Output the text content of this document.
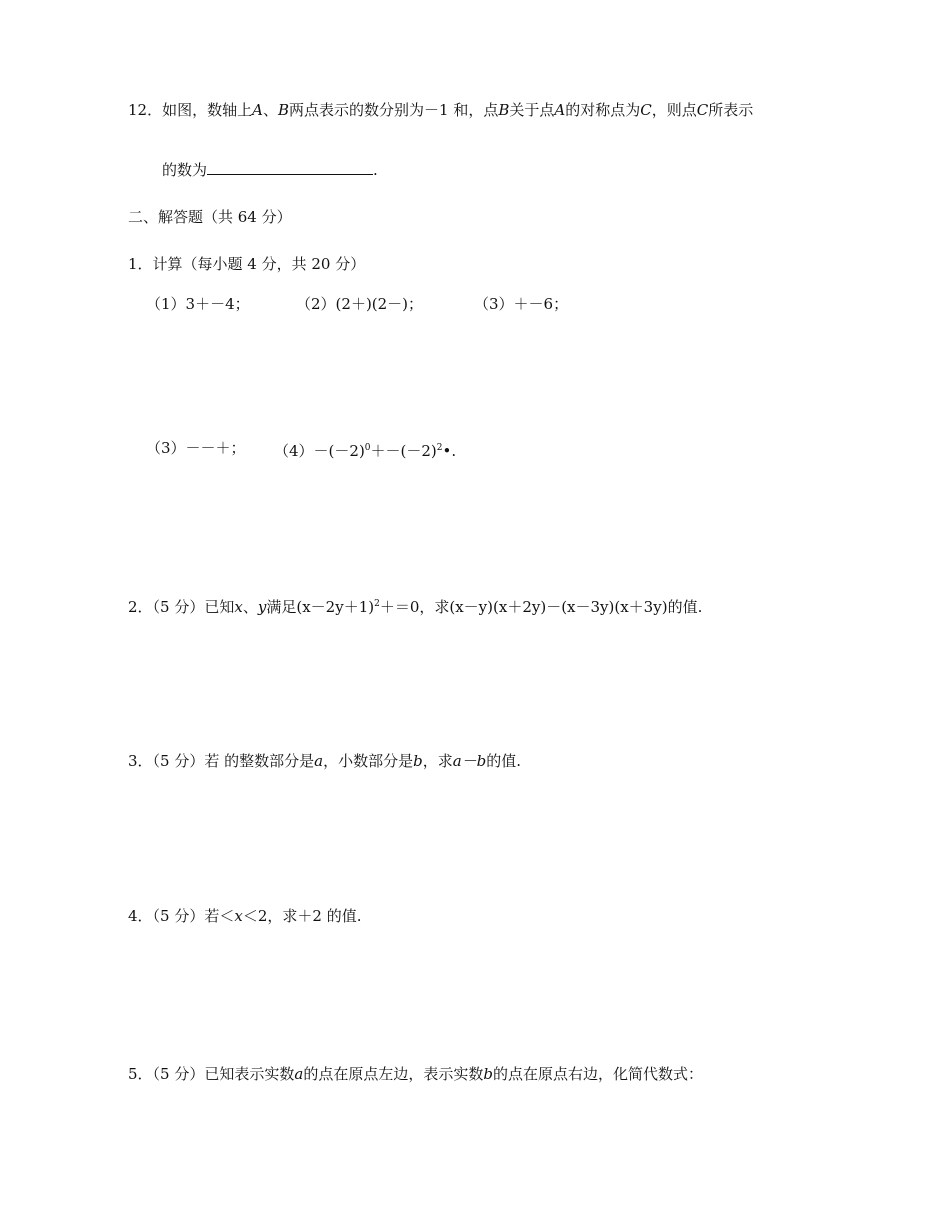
12．如图，数轴上A、B两点表示的数分别为－1 和，点B关于点A的对称点为C，则点C所表示
的数为	.
二、解答题（共 64 分）
1．计算（每小题 4 分，共 20 分）
（1）3＋－4；	（2）(2＋)(2－)；	（3）＋－6；
（3）－－＋； $(4)-(-2)^0+-(-2)^2•$.
2．（5 分）已知x、y满足$(x-2y+1)^2+=0$，求(x－y)(x＋2y)－(x－3y)(x＋3y)的值.
3．（5 分）若 的整数部分是a，小数部分是b，求a－b的值.
4．（5 分）若＜x＜2，求＋2 的值.
5．（5 分）已知表示实数a的点在原点左边，表示实数b的点在原点右边，化简代数式：
